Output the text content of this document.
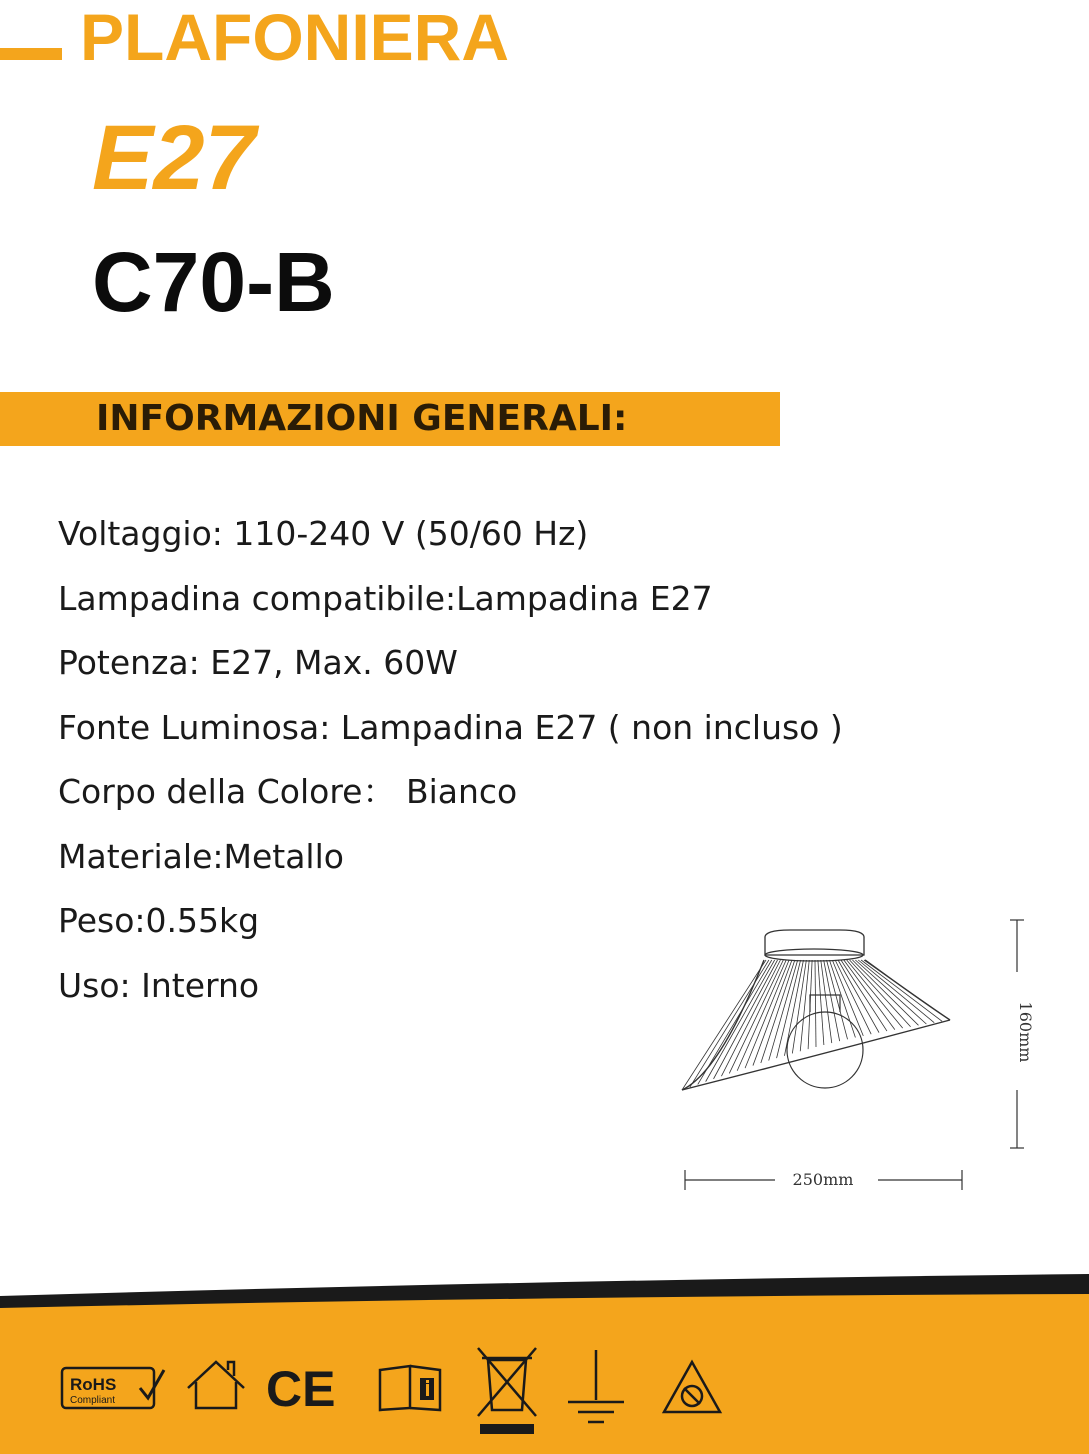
PLAFONIERA
E27
C70-B
INFORMAZIONI GENERALI:
Voltaggio: 110-240 V (50/60 Hz)
Lampadina compatibile:Lampadina E27
Potenza: E27, Max. 60W
Fonte Luminosa: Lampadina E27 ( non incluso )
Corpo della Colore： Bianco
Materiale:Metallo
Peso:0.55kg
Uso: Interno
160mm
250mm
RoHS
Compliant	CE
